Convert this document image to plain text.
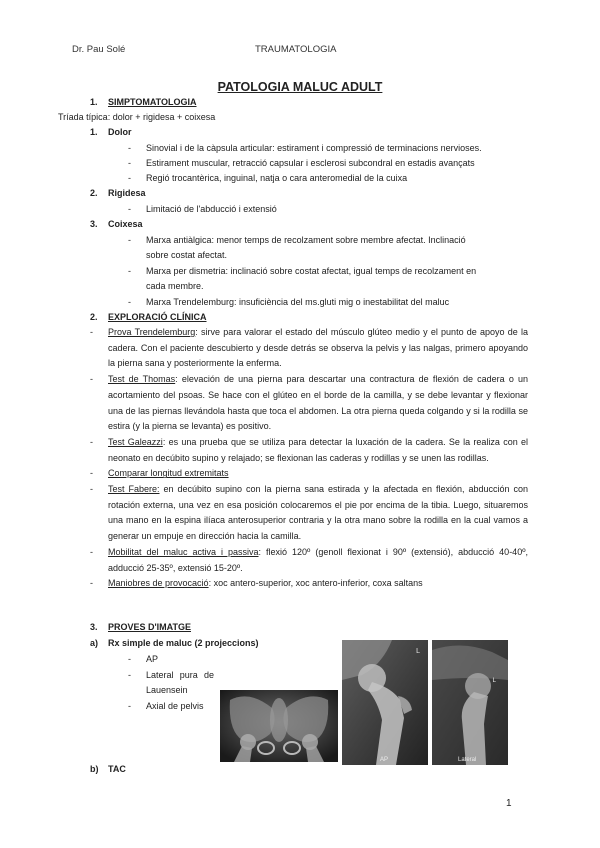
Dr. Pau Solé	TRAUMATOLOGIA
PATOLOGIA MALUC ADULT
1. SIMPTOMATOLOGIA
Tríada típica: dolor + rigidesa + coixesa
1. Dolor
- Sinovial i de la càpsula articular: estirament i compressió de terminacions nervioses.
- Estirament muscular, retracció capsular i esclerosi subcondral en estadis avançats
- Regió trocantèrica, inguinal, natja o cara anteromedial de la cuixa
2. Rigidesa
- Limitació de l'abducció i extensió
3. Coixesa
- Marxa antiàlgica: menor temps de recolzament sobre membre afectat. Inclinació
sobre costat afectat.
- Marxa per dismetria: inclinació sobre costat afectat, igual temps de recolzament en
cada membre.
- Marxa Trendelemburg: insuficiència del ms.gluti mig o inestabilitat del maluc
2. EXPLORACIÓ CLÍNICA
- Prova Trendelemburg: sirve para valorar el estado del músculo glúteo medio y el punto de apoyo de la cadera. Con el paciente descubierto y desde detrás se observa la pelvis y las nalgas, primero apoyando la pierna sana y posteriormente la enferma.
- Test de Thomas: elevación de una pierna para descartar una contractura de flexión de cadera o un acortamiento del psoas. Se hace con el glúteo en el borde de la camilla, y se debe levantar y flexionar una de las piernas llevándola hasta que toca el abdomen. La otra pierna queda colgando y si la rodilla se estira (y la pierna se levanta) es positivo.
- Test Galeazzi: es una prueba que se utiliza para detectar la luxación de la cadera. Se la realiza con el neonato en decúbito supino y relajado; se flexionan las caderas y rodillas y se unen las rodillas.
- Comparar longitud extremitats
- Test Fabere: en decúbito supino con la pierna sana estirada y la afectada en flexión, abducción con rotación externa, una vez en esa posición colocaremos el pie por encima de la tibia. Luego, situaremos una mano en la espina ilíaca anterosuperior contraria y la otra mano sobre la rodilla en la cual vamos a generar un empuje en dirección hacia la camilla.
- Mobilitat del maluc activa i passiva: flexió 120º (genoll flexionat i 90º (extensió), abducció 40-40º, adducció 25-35º, extensió 15-20º.
- Maniobres de provocació: xoc antero-superior, xoc antero-inferior, coxa saltans
3. PROVES D'IMATGE
a) Rx simple de maluc (2 projeccions)
- AP
-	Lateral pura de Lauensein
- Axial de pelvis
L
AP
L
Lateral
b) TAC
1
